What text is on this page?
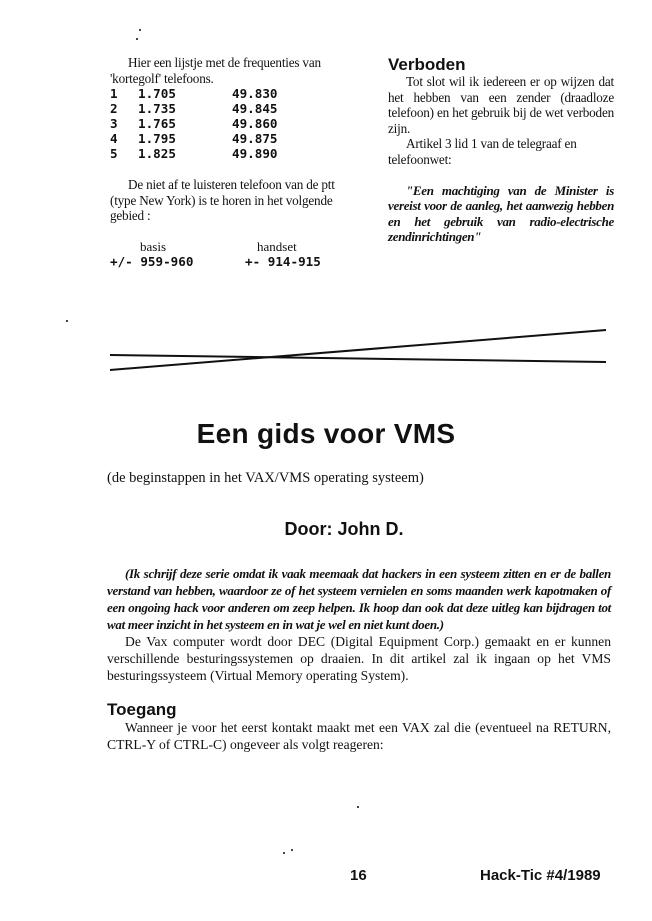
Hier een lijstje met de frequenties van 'kortegolf' telefoons.

1	1.705	49.830
2	1.735	49.845
3	1.765	49.860
4	1.795	49.875
5	1.825	49.890

De niet af te luisteren telefoon van de ptt (type New York) is te horen in het volgende gebied :

basis	handset
+/- 959-960	+- 914-915
Verboden

Tot slot wil ik iedereen er op wijzen dat het hebben van een zender (draadloze telefoon) en het gebruik bij de wet verboden zijn.

Artikel 3 lid 1 van de telegraaf en telefoonwet:

"Een machtiging van de Minister is vereist voor de aanleg, het aanwezig hebben en het gebruik van radio-electrische zendinrichtingen"

Een gids voor VMS
(de beginstappen in het VAX/VMS operating systeem)
Door: John D.

(Ik schrijf deze serie omdat ik vaak meemaak dat hackers in een systeem zitten en er de ballen verstand van hebben, waardoor ze of het systeem vernielen en soms maanden werk kapotmaken of een ongoing hack voor anderen om zeep helpen. Ik hoop dan ook dat deze uitleg kan bijdragen tot wat meer inzicht in het systeem en in wat je wel en niet kunt doen.)

De Vax computer wordt door DEC (Digital Equipment Corp.) gemaakt en er kunnen verschillende besturingssystemen op draaien. In dit artikel zal ik ingaan op het VMS besturingssysteem (Virtual Memory operating System).

Toegang

Wanneer je voor het eerst kontakt maakt met een VAX zal die (eventueel na RETURN, CTRL-Y of CTRL-C) ongeveer als volgt reageren:

16	Hack-Tic #4/1989
